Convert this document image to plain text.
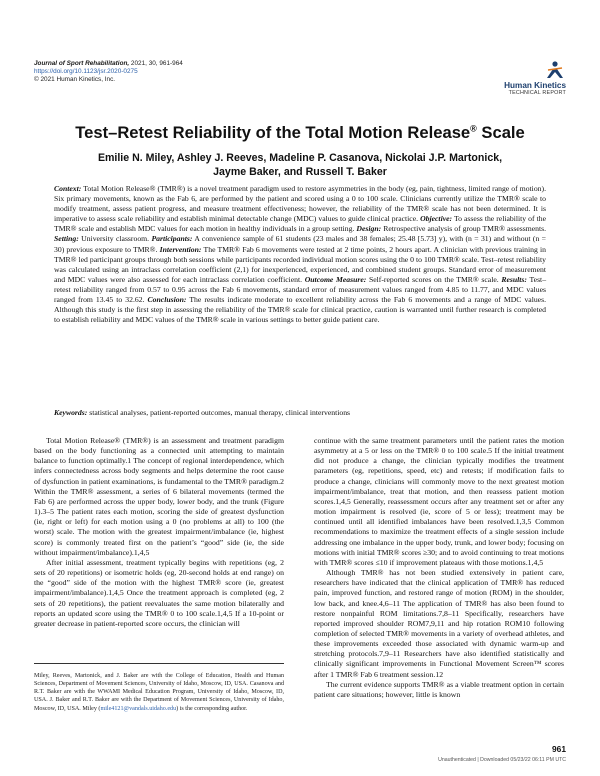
Journal of Sport Rehabilitation, 2021, 30, 961-964
https://doi.org/10.1123/jsr.2020-0275
© 2021 Human Kinetics, Inc.
Human Kinetics
TECHNICAL REPORT
Test–Retest Reliability of the Total Motion Release® Scale
Emilie N. Miley, Ashley J. Reeves, Madeline P. Casanova, Nickolai J.P. Martonick,
Jayme Baker, and Russell T. Baker
Context: Total Motion Release® (TMR®) is a novel treatment paradigm used to restore asymmetries in the body (eg, pain, tightness, limited range of motion). Six primary movements, known as the Fab 6, are performed by the patient and scored using a 0 to 100 scale. Clinicians currently utilize the TMR® scale to modify treatment, assess patient progress, and measure treatment effectiveness; however, the reliability of the TMR® scale has not been determined. It is imperative to assess scale reliability and establish minimal detectable change (MDC) values to guide clinical practice. Objective: To assess the reliability of the TMR® scale and establish MDC values for each motion in healthy individuals in a group setting. Design: Retrospective analysis of group TMR® assessments. Setting: University classroom. Participants: A convenience sample of 61 students (23 males and 38 females; 25.48 [5.73] y), with (n = 31) and without (n = 30) previous exposure to TMR®. Intervention: The TMR® Fab 6 movements were tested at 2 time points, 2 hours apart. A clinician with previous training in TMR® led participant groups through both sessions while participants recorded individual motion scores using the 0 to 100 TMR® scale. Test–retest reliability was calculated using an intraclass correlation coefficient (2,1) for inexperienced, experienced, and combined student groups. Standard error of measurement and MDC values were also assessed for each intraclass correlation coefficient. Outcome Measure: Self-reported scores on the TMR® scale. Results: Test–retest reliability ranged from 0.57 to 0.95 across the Fab 6 movements, standard error of measurement values ranged from 4.85 to 11.77, and MDC values ranged from 13.45 to 32.62. Conclusion: The results indicate moderate to excellent reliability across the Fab 6 movements and a range of MDC values. Although this study is the first step in assessing the reliability of the TMR® scale for clinical practice, caution is warranted until further research is completed to establish reliability and MDC values of the TMR® scale in various settings to better guide patient care.
Keywords: statistical analyses, patient-reported outcomes, manual therapy, clinical interventions

Total Motion Release® (TMR®) is an assessment and treatment paradigm based on the body functioning as a connected unit attempting to maintain balance to function optimally.1 The concept of regional interdependence, which infers connectedness across body segments and helps determine the root cause of dysfunction in patient examinations, is fundamental to the TMR® paradigm.2 Within the TMR® assessment, a series of 6 bilateral movements (termed the Fab 6) are performed across the upper body, lower body, and the trunk (Figure 1).3–5 The patient rates each motion, scoring the side of greatest dysfunction (ie, right or left) for each motion using a 0 (no problems at all) to 100 (the worst) scale. The motion with the greatest impairment/imbalance (ie, highest score) is commonly treated first on the patient’s “good” side (ie, the side without impairment/imbalance).1,4,5

After initial assessment, treatment typically begins with repetitions (eg, 2 sets of 20 repetitions) or isometric holds (eg, 20-second holds at end range) on the “good” side of the motion with the highest TMR® score (ie, greatest impairment/imbalance).1,4,5 Once the treatment approach is completed (eg, 2 sets of 20 repetitions), the patient reevaluates the same motion bilaterally and reports an updated score using the TMR® 0 to 100 scale.1,4,5 If a 10-point or greater decrease in patient-reported score occurs, the clinician will

continue with the same treatment parameters until the patient rates the motion asymmetry at a 5 or less on the TMR® 0 to 100 scale.5 If the initial treatment did not produce a change, the clinician typically modifies the treatment parameters (eg, repetitions, speed, etc) and retests; if modification fails to produce a change, clinicians will commonly move to the next greatest motion impairment/imbalance, treat that motion, and then reassess patient motion scores.1,4,5 Generally, reassessment occurs after any treatment set or after any motion impairment is resolved (ie, score of 5 or less); treatment may be continued until all identified imbalances have been resolved.1,3,5 Common recommendations to maximize the treatment effects of a single session include addressing one imbalance in the upper body, trunk, and lower body; focusing on motions with initial TMR® scores ≥30; and to avoid continuing to treat motions with TMR® scores ≤10 if improvement plateaus with those motions.1,4,5

Although TMR® has not been studied extensively in patient care, researchers have indicated that the clinical application of TMR® has reduced pain, improved function, and restored range of motion (ROM) in the shoulder, low back, and knee.4,6–11 The application of TMR® has also been found to restore nonpainful ROM limitations.7,8–11 Specifically, researchers have reported improved shoulder ROM7,9,11 and hip rotation ROM10 following completion of selected TMR® movements in a variety of overhead athletes, and these improvements exceeded those associated with dynamic warm-up and stretching protocols.7,9–11 Researchers have also identified statistically and clinically significant improvements in Functional Movement Screen™ scores after 1 TMR® Fab 6 treatment session.12

The current evidence supports TMR® as a viable treatment option in certain patient care situations; however, little is known

Miley, Reeves, Martonick, and J. Baker are with the College of Education, Health and Human Sciences, Department of Movement Sciences, University of Idaho, Moscow, ID, USA. Casanova and R.T. Baker are with the WWAMI Medical Education Program, University of Idaho, Moscow, ID, USA. J. Baker and R.T. Baker are with the Department of Movement Sciences, University of Idaho, Moscow, ID, USA. Miley (mile4121@vandals.uidaho.edu) is the corresponding author.
961
Unauthenticated | Downloaded 05/23/22 06:11 PM UTC
